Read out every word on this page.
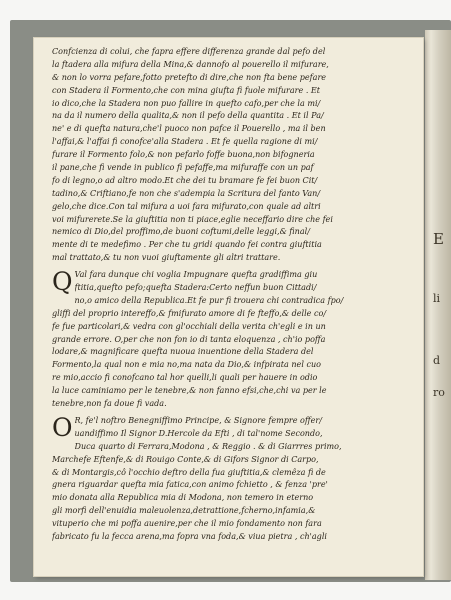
E
li
d
ro
Confcienza di colui, che fapra effere differenza grande dal pefo del
la ftadera alla mifura della Mina,& dannofo al pouerello il mifurare,
& non lo vorra pefare,fotto pretefto di dire,che non fta bene pefare
con Stadera il Formento,che con mina giufta fi fuole mifurare . Et
io dico,che la Stadera non puo fallire in quefto cafo,per che la mi/
na da il numero della qualita,& non il pefo della quantita . Et il Pa/
ne' e di quefta natura,che'l puoco non pafce il Pouerello , ma il ben
l'affai,& l'affai fi conofce'alla Stadera . Et fe quella ragione di mi/
furare il Formento folo,& non pefarlo foffe buona,non bifogneria
il pane,che fi vende in publico fi pefaffe,ma mifuraffe con un paf
fo di legno,o ad altro modo.Et che dei tu bramare fe fei buon Cit/
tadino,& Criftiano,fe non che s'adempia la Scritura del fanto Van/
gelo,che dice.Con tal mifura a uoi fara mifurato,con quale ad altri
voi mifurerete.Se la giuftitia non ti piace,eglie neceffario dire che fei
nemico di Dio,del proffimo,de buoni coftumi,delle leggi,& final/
mente di te medefimo . Per che tu gridi quando fei contra giuftitia
mal trattato,& tu non vuoi giuftamente gli altri trattare.
Q Val fara dunque chi voglia Impugnare quefta gradiffima giu
ftitia,quefto pefo;quefta Stadera:Certo neffun buon Cittadi/
no,o amico della Republica.Et fe pur fi trouera chi contradica fpo/
gliffi del proprio intereffo,& fmifurato amore di fe fteffo,& delle co/
fe fue particolari,& vedra con gl'occhiali della verita ch'egli e in un
grande errore. O,per che non fon io di tanta eloquenza , ch'io poffa
lodare,& magnificare quefta nuoua inuentione della Stadera del
Formento,la qual non e mia no,ma nata da Dio,& infpirata nel cuo
re mio,accio fi conofcano tal hor quelli,li quali per hauere in odio
la luce caminiamo per le tenebre,& non fanno efsi,che,chi va per le
tenebre,non fa doue fi vada.
O R, fe'l noftro Benegniffimo Principe, & Signore fempre offer/
uandiffimo Il Signor D.Hercole da Efti , di tal'nome Secondo,
Duca quarto di Ferrara,Modona , & Reggio . & di Giarrres primo,
Marchefe Eftenfe,& di Rouigo Conte,& di Gifors Signor di Carpo,
& di Montargis,cô l'occhio deftro della fua giuftitia,& clemêza fi de
gnera riguardar quefta mia fatica,con animo fchietto , & fenza 'pre'
mio donata alla Republica mia di Modona, non temero in eterno
gli morfi dell'enuidia maleuolenza,detrattione,fcherno,infamia,&
vituperio che mi poffa auenire,per che il mio fondamento non fara
fabricato fu la fecca arena,ma fopra vna foda,& viua pietra , ch'agli
